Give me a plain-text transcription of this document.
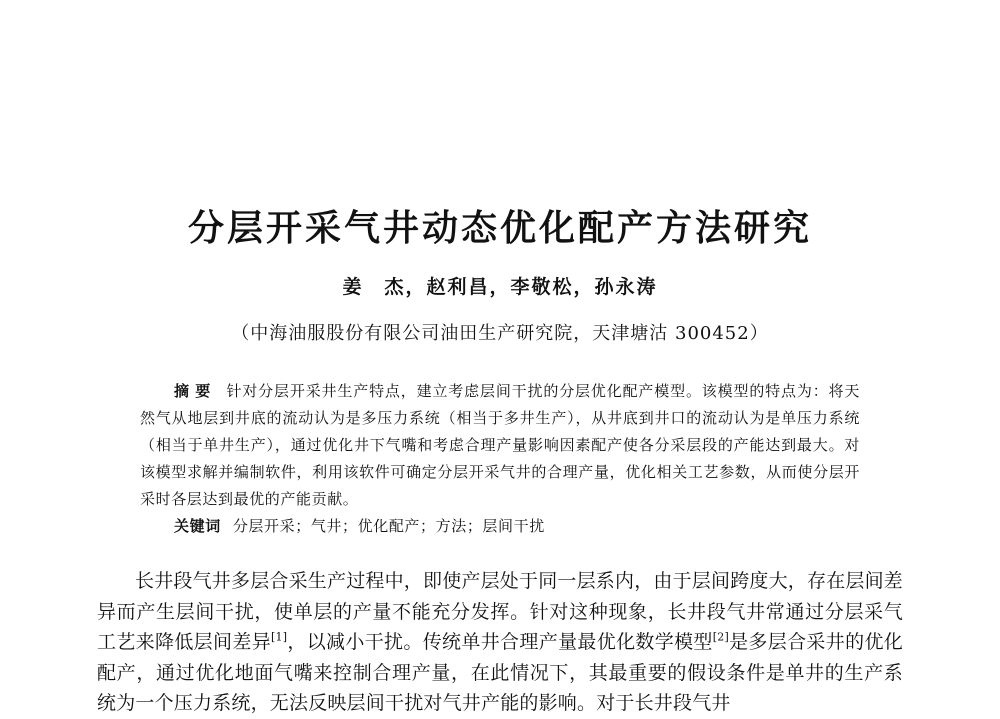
分层开采气井动态优化配产方法研究
姜　杰，赵利昌，李敬松，孙永涛
（中海油服股份有限公司油田生产研究院，天津塘沽 300452）
摘要 针对分层开采井生产特点，建立考虑层间干扰的分层优化配产模型。该模型的特点为：将天然气从地层到井底的流动认为是多压力系统（相当于多井生产），从井底到井口的流动认为是单压力系统（相当于单井生产），通过优化井下气嘴和考虑合理产量影响因素配产使各分采层段的产能达到最大。对该模型求解并编制软件，利用该软件可确定分层开采气井的合理产量，优化相关工艺参数，从而使分层开采时各层达到最优的产能贡献。
关键词 分层开采；气井；优化配产；方法；层间干扰

长井段气井多层合采生产过程中，即使产层处于同一层系内，由于层间跨度大，存在层间差异而产生层间干扰，使单层的产量不能充分发挥。针对这种现象，长井段气井常通过分层采气工艺来降低层间差异[1]，以减小干扰。传统单井合理产量最优化数学模型[2]是多层合采井的优化配产，通过优化地面气嘴来控制合理产量，在此情况下，其最重要的假设条件是单井的生产系统为一个压力系统，无法反映层间干扰对气井产能的影响。对于长井段气井
